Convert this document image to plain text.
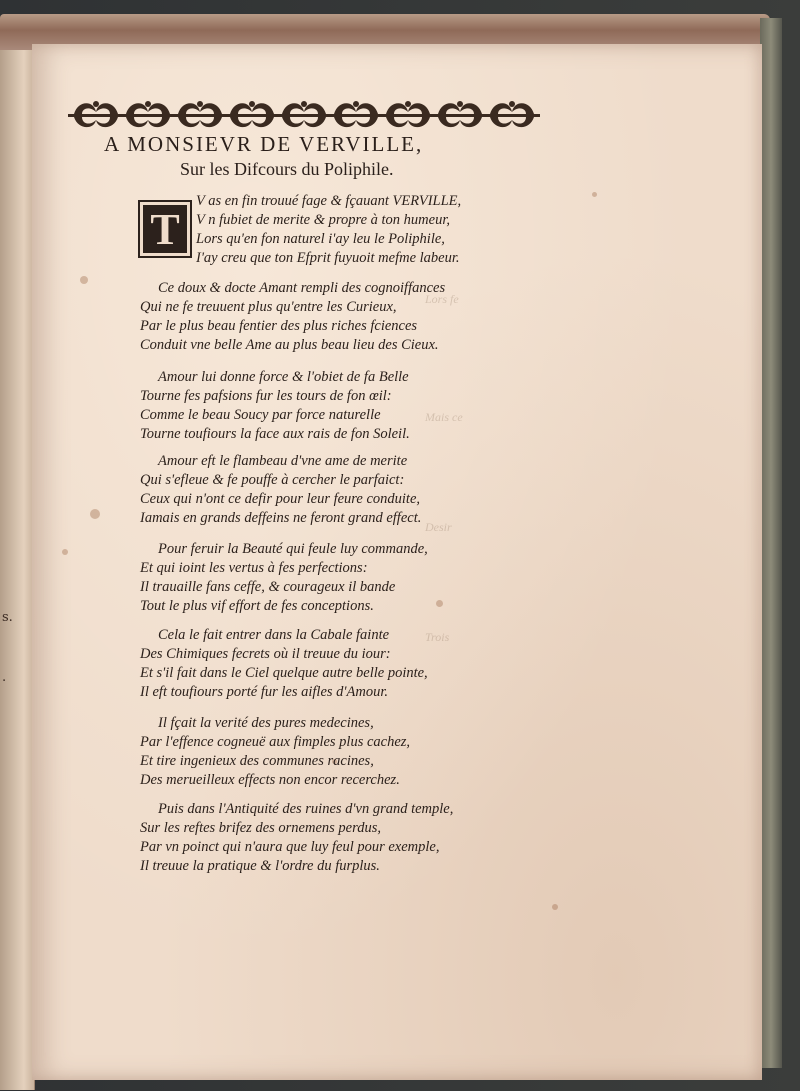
s.
.
Lors fe
Mais ce
Desir
Trois
A MONSIEVR DE VERVILLE,
Sur les Difcours du Poliphile.
T
V as en fin trouué fage & fçauant VERVILLE,
V n fubiet de merite & propre à ton humeur,
Lors qu'en fon naturel i'ay leu le Poliphile,
I'ay creu que ton Efprit fuyuoit mefme labeur.
Ce doux & docte Amant rempli des cognoiffances
Qui ne fe treuuent plus qu'entre les Curieux,
Par le plus beau fentier des plus riches fciences
Conduit vne belle Ame au plus beau lieu des Cieux.
Amour lui donne force & l'obiet de fa Belle
Tourne fes pafsions fur les tours de fon œil:
Comme le beau Soucy par force naturelle
Tourne toufiours la face aux rais de fon Soleil.
Amour eft le flambeau d'vne ame de merite
Qui s'efleue & fe pouffe à cercher le parfaict:
Ceux qui n'ont ce defir pour leur feure conduite,
Iamais en grands deffeins ne feront grand effect.
Pour feruir la Beauté qui feule luy commande,
Et qui ioint les vertus à fes perfections:
Il trauaille fans ceffe, & courageux il bande
Tout le plus vif effort de fes conceptions.
Cela le fait entrer dans la Cabale fainte
Des Chimiques fecrets où il treuue du iour:
Et s'il fait dans le Ciel quelque autre belle pointe,
Il eft toufiours porté fur les aifles d'Amour.
Il fçait la verité des pures medecines,
Par l'effence cogneuë aux fimples plus cachez,
Et tire ingenieux des communes racines,
Des merueilleux effects non encor recerchez.
Puis dans l'Antiquité des ruines d'vn grand temple,
Sur les reftes brifez des ornemens perdus,
Par vn poinct qui n'aura que luy feul pour exemple,
Il treuue la pratique & l'ordre du furplus.
